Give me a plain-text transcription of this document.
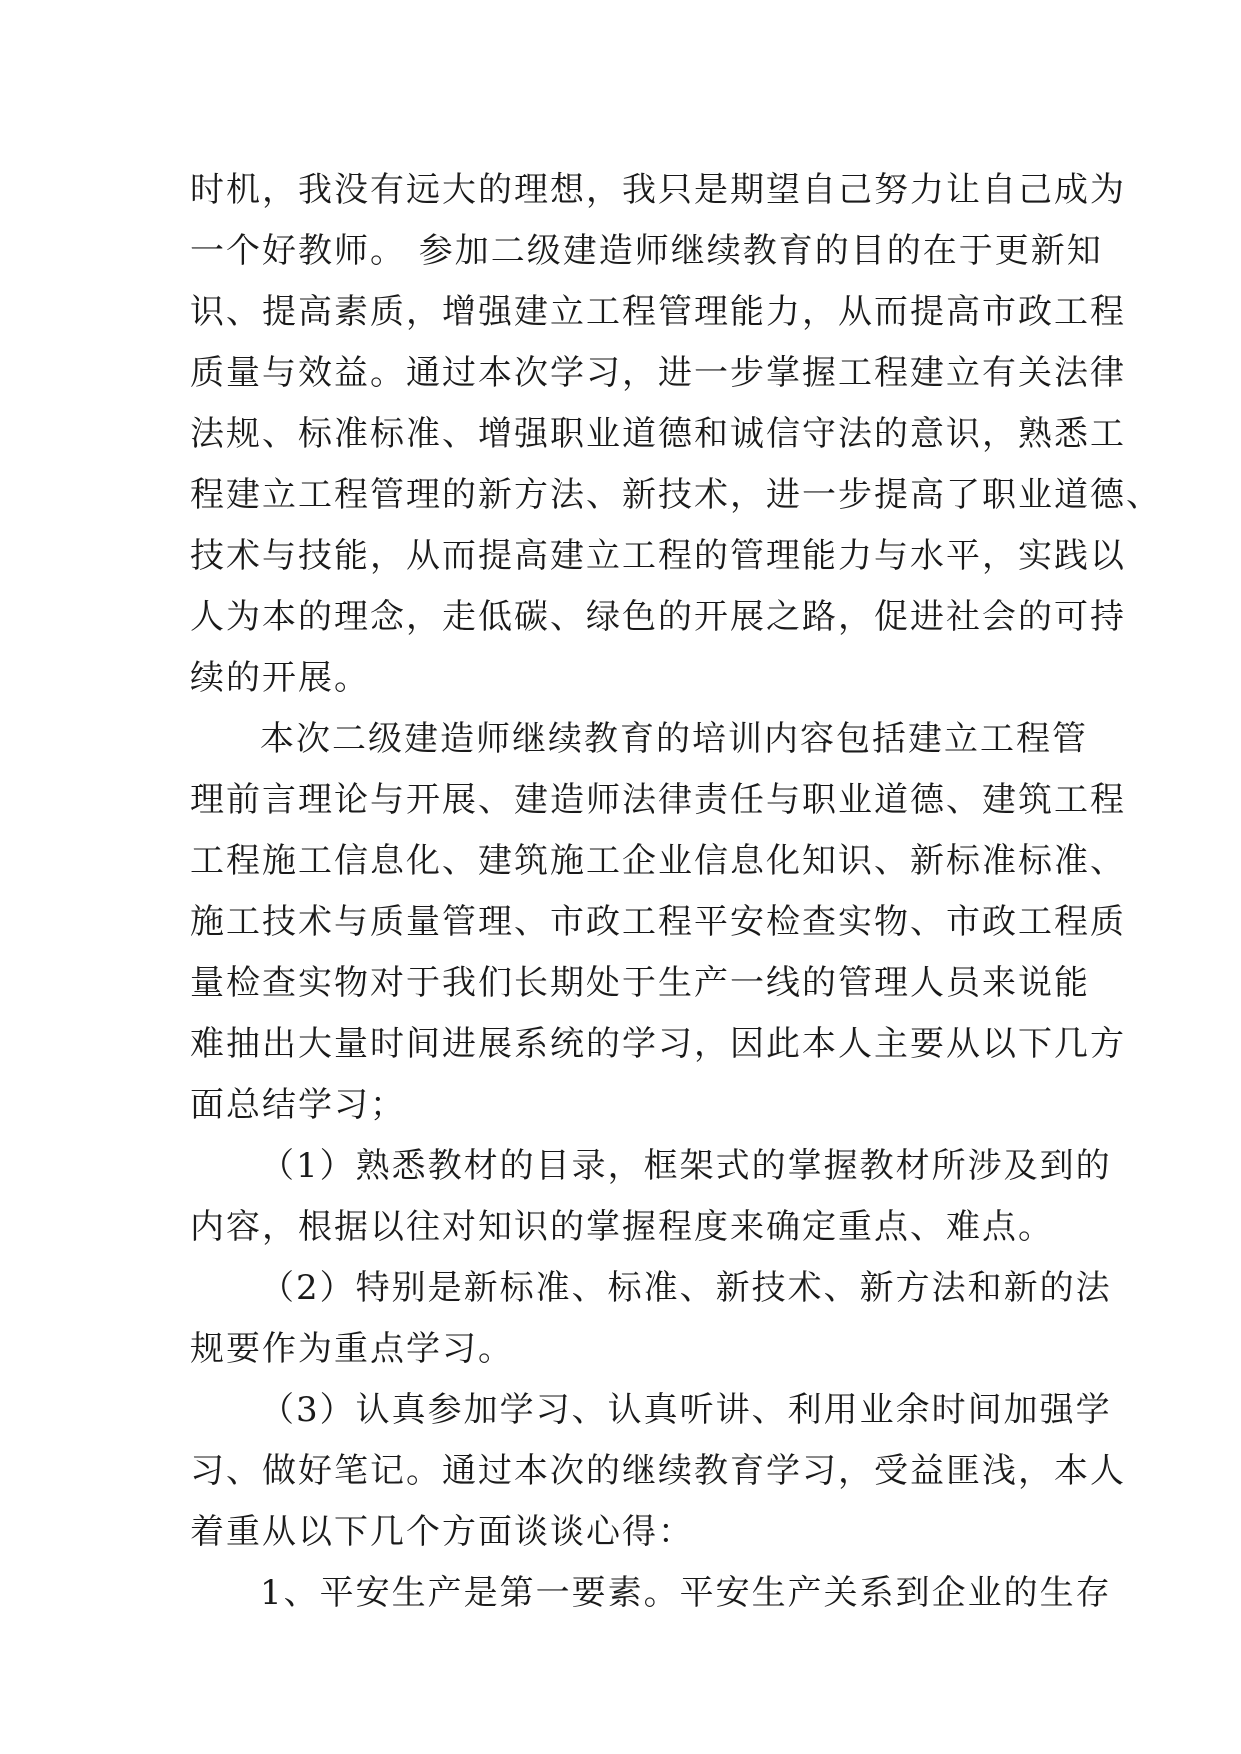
时机，我没有远大的理想，我只是期望自己努力让自己成为
一个好教师。 参加二级建造师继续教育的目的在于更新知
识、提高素质，增强建立工程管理能力，从而提高市政工程
质量与效益。通过本次学习，进一步掌握工程建立有关法律
法规、标准标准、增强职业道德和诚信守法的意识，熟悉工
程建立工程管理的新方法、新技术，进一步提高了职业道德、
技术与技能，从而提高建立工程的管理能力与水平，实践以
人为本的理念，走低碳、绿色的开展之路，促进社会的可持
续的开展。
本次二级建造师继续教育的培训内容包括建立工程管
理前言理论与开展、建造师法律责任与职业道德、建筑工程
工程施工信息化、建筑施工企业信息化知识、新标准标准、
施工技术与质量管理、市政工程平安检查实物、市政工程质
量检查实物对于我们长期处于生产一线的管理人员来说能
难抽出大量时间进展系统的学习，因此本人主要从以下几方
面总结学习；
（1）熟悉教材的目录，框架式的掌握教材所涉及到的
内容，根据以往对知识的掌握程度来确定重点、难点。
（2）特别是新标准、标准、新技术、新方法和新的法
规要作为重点学习。
（3）认真参加学习、认真听讲、利用业余时间加强学
习、做好笔记。通过本次的继续教育学习，受益匪浅，本人
着重从以下几个方面谈谈心得：
1、平安生产是第一要素。平安生产关系到企业的生存
